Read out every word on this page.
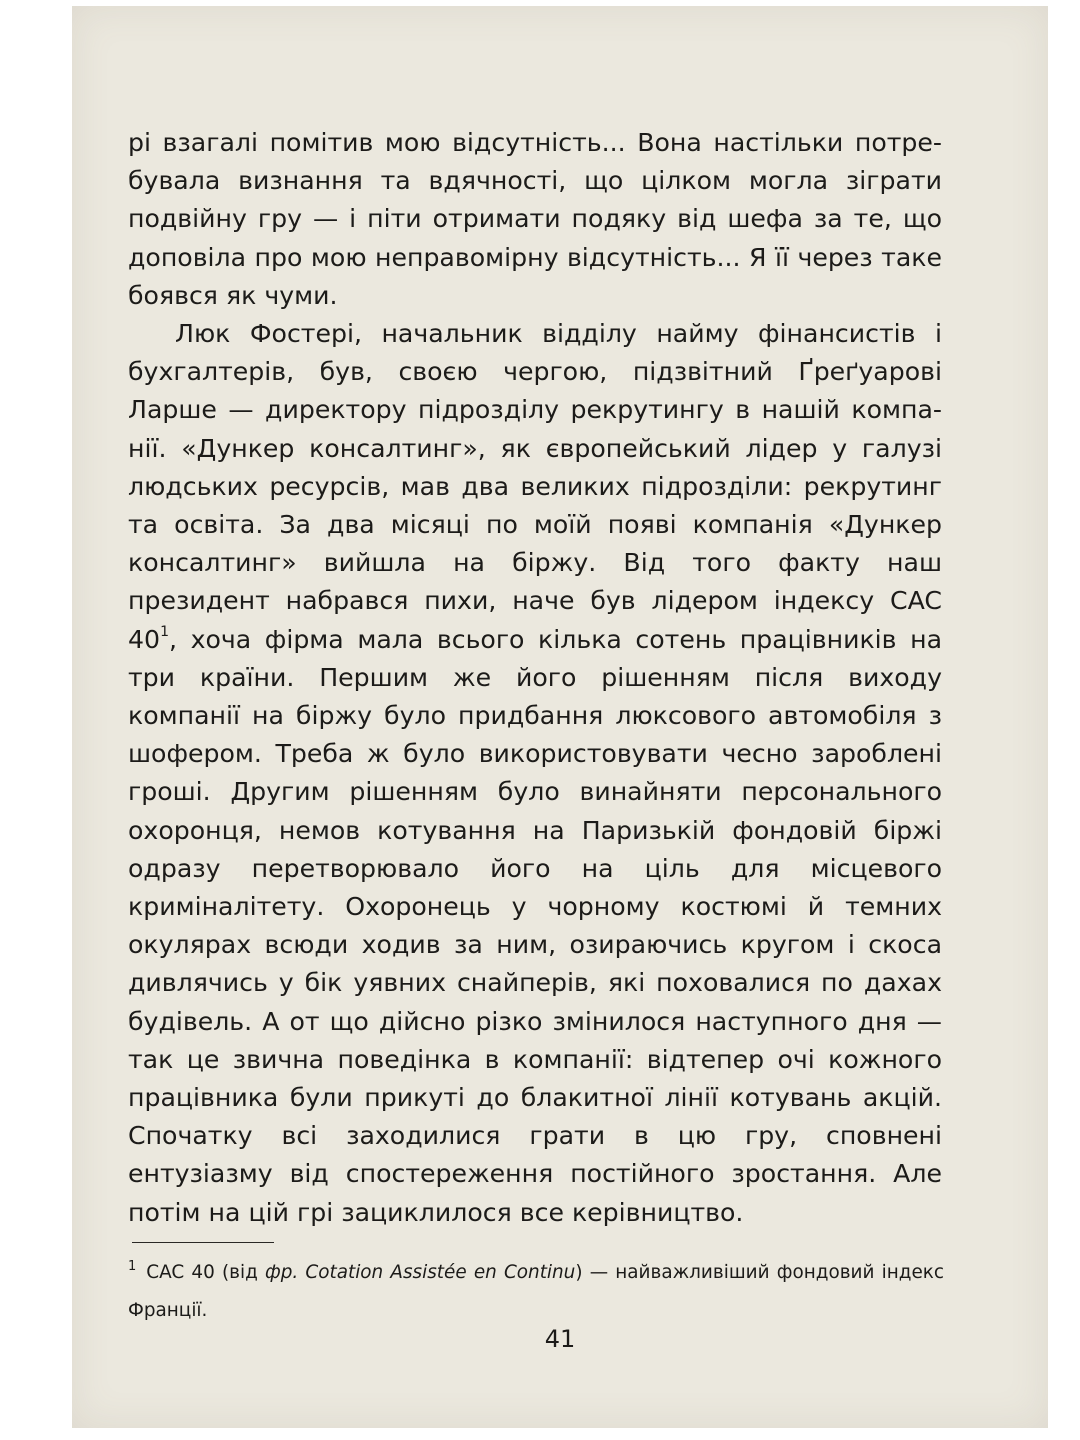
рі взагалі помітив мою відсутність... Вона настільки потребувала визнання та вдячності, що цілком могла зіграти подвійну гру — і піти отримати подяку від шефа за те, що доповіла про мою неправомірну відсутність... Я її через таке боявся як чуми.

Люк Фостері, начальник відділу найму фінансистів і бухгалтерів, був, своєю чергою, підзвітний Ґреґуарові Ларше — директору підрозділу рекрутингу в нашій компанії. «Дункер консалтинг», як європейський лідер у галузі людських ресурсів, мав два великих підрозділи: рекрутинг та освіта. За два місяці по моїй появі компанія «Дункер консалтинг» вийшла на біржу. Від того факту наш президент набрався пихи, наче був лідером індексу CAC $40^1$, хоча фірма мала всього кілька сотень працівників на три країни. Першим же його рішенням після виходу компанії на біржу було придбання люксового автомобіля з шофером. Треба ж було використовувати чесно зароблені гроші. Другим рішенням було винайняти персонального охоронця, немов котування на Паризькій фондовій біржі одразу перетворювало його на ціль для місцевого криміналітету. Охоронець у чорному костюмі й темних окулярах всюди ходив за ним, озираючись кругом і скоса дивлячись у бік уявних снайперів, які поховалися по дахах будівель. А от що дійсно різко змінилося наступного дня — так це звична поведінка в компанії: відтепер очі кожного працівника були прикуті до блакитної лінії котувань акцій. Спочатку всі заходилися грати в цю гру, сповнені ентузіазму від спостереження постійного зростання. Але потім на цій грі зациклилося все керівництво.

$^1$ CAC 40 (від фр. Cotation Assistée en Continu) — найважливіший фондовий індекс Франції.
41
